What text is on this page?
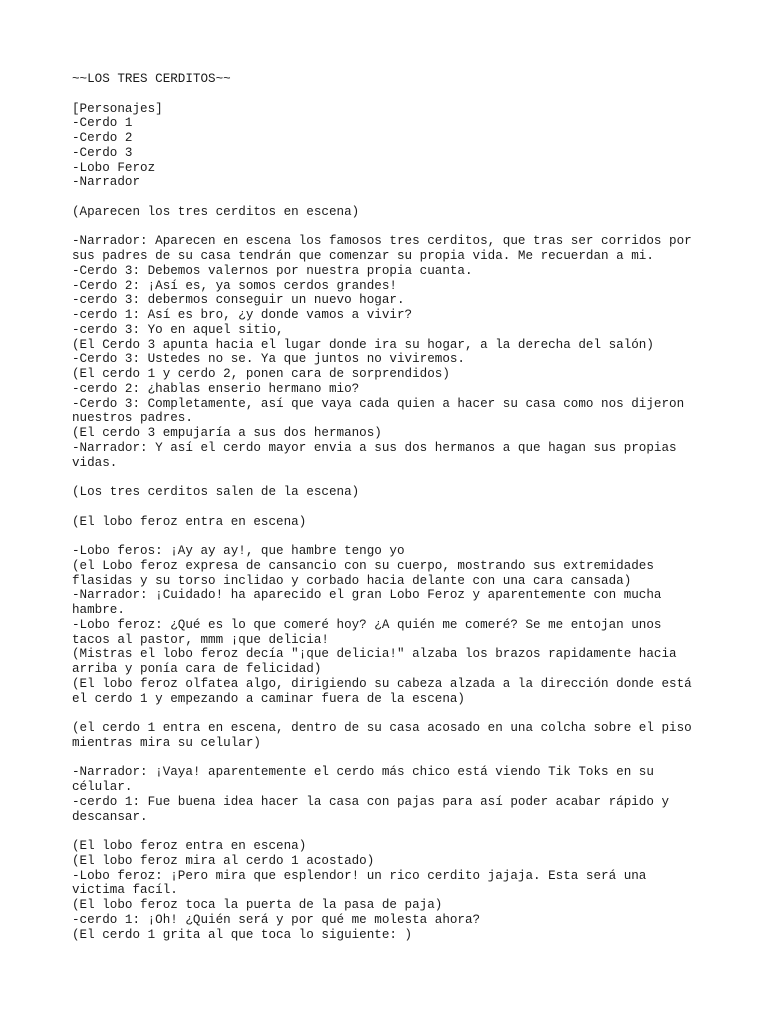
~~LOS TRES CERDITOS~~
[Personajes]
-Cerdo 1
-Cerdo 2
-Cerdo 3
-Lobo Feroz
-Narrador
(Aparecen los tres cerditos en escena)
-Narrador: Aparecen en escena los famosos tres cerditos, que tras ser corridos por
sus padres de su casa tendrán que comenzar su propia vida. Me recuerdan a mi.
-Cerdo 3: Debemos valernos por nuestra propia cuanta.
-Cerdo 2: ¡Así es, ya somos cerdos grandes!
-cerdo 3: debermos conseguir un nuevo hogar.
-cerdo 1: Así es bro, ¿y donde vamos a vivir?
-cerdo 3: Yo en aquel sitio,
(El Cerdo 3 apunta hacia el lugar donde ira su hogar, a la derecha del salón)
-Cerdo 3: Ustedes no se. Ya que juntos no viviremos.
(El cerdo 1 y cerdo 2, ponen cara de sorprendidos)
-cerdo 2: ¿hablas enserio hermano mio?
-Cerdo 3: Completamente, así que vaya cada quien a hacer su casa como nos dijeron
nuestros padres.
(El cerdo 3 empujaría a sus dos hermanos)
-Narrador: Y así el cerdo mayor envia a sus dos hermanos a que hagan sus propias
vidas.
(Los tres cerditos salen de la escena)
(El lobo feroz entra en escena)
-Lobo feros: ¡Ay ay ay!, que hambre tengo yo
(el Lobo feroz expresa de cansancio con su cuerpo, mostrando sus extremidades
flasidas y su torso inclidao y corbado hacia delante con una cara cansada)
-Narrador: ¡Cuidado! ha aparecido el gran Lobo Feroz y aparentemente con mucha
hambre.
-Lobo feroz: ¿Qué es lo que comeré hoy? ¿A quién me comeré? Se me entojan unos
tacos al pastor, mmm ¡que delicia!
(Mistras el lobo feroz decía "¡que delicia!" alzaba los brazos rapidamente hacia
arriba y ponía cara de felicidad)
(El lobo feroz olfatea algo, dirigiendo su cabeza alzada a la dirección donde está
el cerdo 1 y empezando a caminar fuera de la escena)
(el cerdo 1 entra en escena, dentro de su casa acosado en una colcha sobre el piso
mientras mira su celular)
-Narrador: ¡Vaya! aparentemente el cerdo más chico está viendo Tik Toks en su
célular.
-cerdo 1: Fue buena idea hacer la casa con pajas para así poder acabar rápido y
descansar.
(El lobo feroz entra en escena)
(El lobo feroz mira al cerdo 1 acostado)
-Lobo feroz: ¡Pero mira que esplendor! un rico cerdito jajaja. Esta será una
victima facíl.
(El lobo feroz toca la puerta de la pasa de paja)
-cerdo 1: ¡Oh! ¿Quién será y por qué me molesta ahora?
(El cerdo 1 grita al que toca lo siguiente: )
